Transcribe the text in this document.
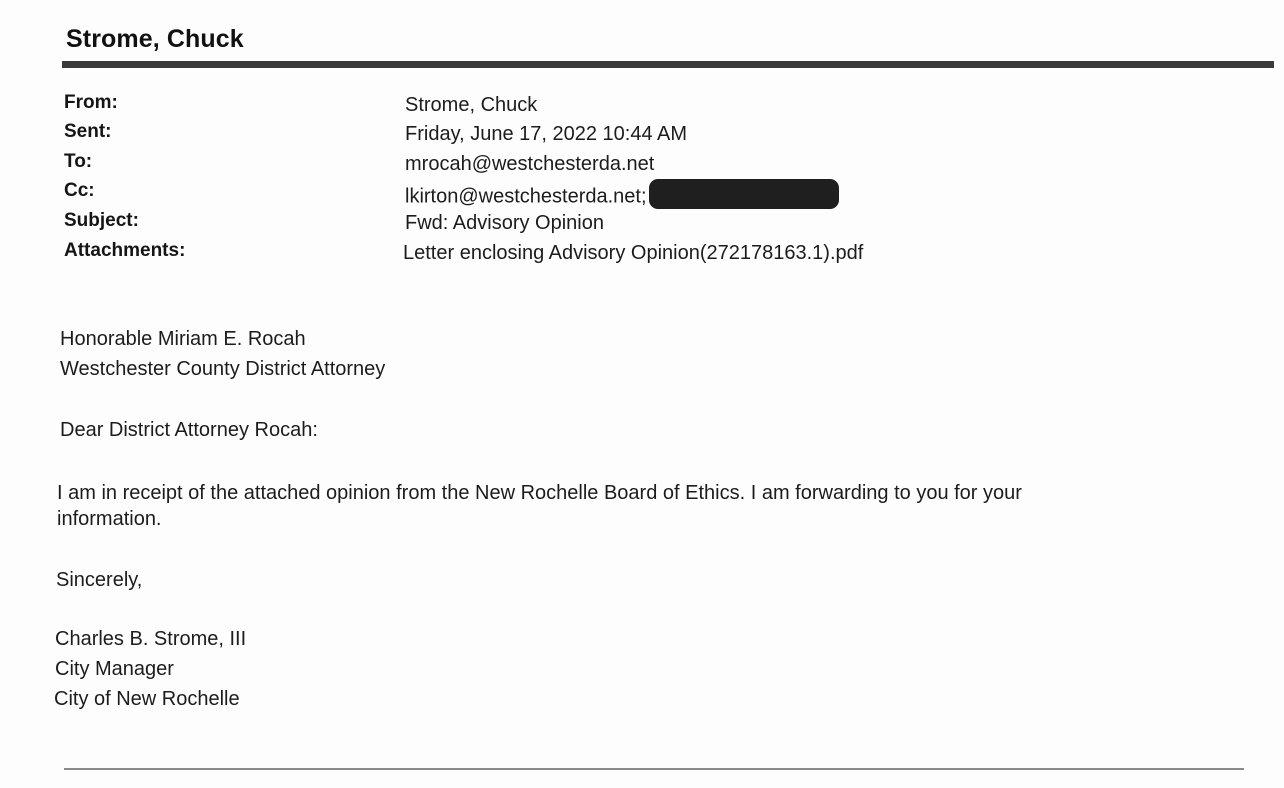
Strome, Chuck
From:	Strome, Chuck
Sent:	Friday, June 17, 2022 10:44 AM
To:	mrocah@westchesterda.net
Cc:	lkirton@westchesterda.net;
Subject:	Fwd: Advisory Opinion
Attachments:	Letter enclosing Advisory Opinion(272178163.1).pdf
Honorable Miriam E. Rocah
Westchester County District Attorney
Dear District Attorney Rocah:
I am in receipt of the attached opinion from the New Rochelle Board of Ethics. I am forwarding to you for your
information.
Sincerely,
Charles B. Strome, III
City Manager
City of New Rochelle
